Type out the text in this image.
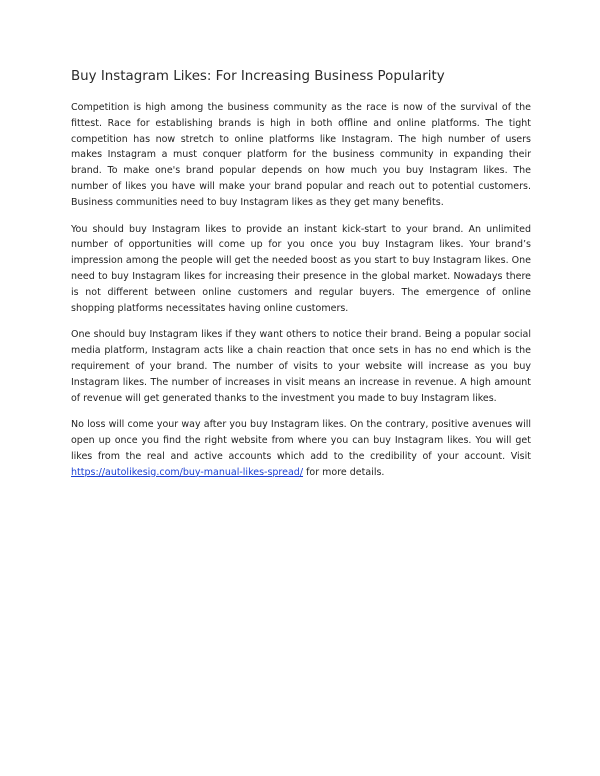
Buy Instagram Likes: For Increasing Business Popularity

Competition is high among the business community as the race is now of the survival of the fittest. Race for establishing brands is high in both offline and online platforms. The tight competition has now stretch to online platforms like Instagram. The high number of users makes Instagram a must conquer platform for the business community in expanding their brand. To make one's brand popular depends on how much you buy Instagram likes. The number of likes you have will make your brand popular and reach out to potential customers. Business communities need to buy Instagram likes as they get many benefits.

You should buy Instagram likes to provide an instant kick-start to your brand. An unlimited number of opportunities will come up for you once you buy Instagram likes. Your brand’s impression among the people will get the needed boost as you start to buy Instagram likes. One need to buy Instagram likes for increasing their presence in the global market. Nowadays there is not different between online customers and regular buyers. The emergence of online shopping platforms necessitates having online customers.

One should buy Instagram likes if they want others to notice their brand. Being a popular social media platform, Instagram acts like a chain reaction that once sets in has no end which is the requirement of your brand. The number of visits to your website will increase as you buy Instagram likes. The number of increases in visit means an increase in revenue. A high amount of revenue will get generated thanks to the investment you made to buy Instagram likes.

No loss will come your way after you buy Instagram likes. On the contrary, positive avenues will open up once you find the right website from where you can buy Instagram likes. You will get likes from the real and active accounts which add to the credibility of your account. Visit https://autolikesig.com/buy-manual-likes-spread/ for more details.
